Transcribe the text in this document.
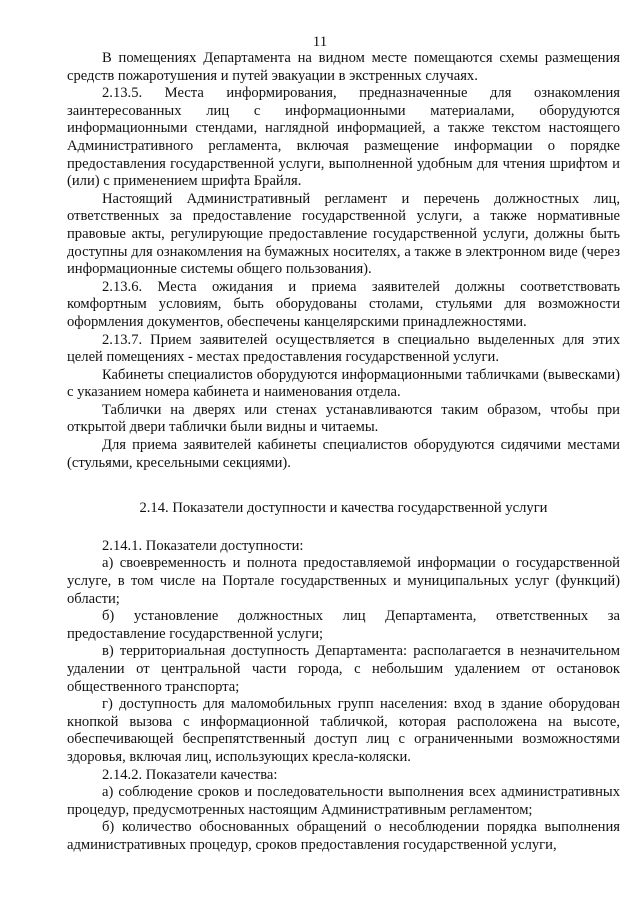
11

В помещениях Департамента на видном месте помещаются схемы размещения средств пожаротушения и путей эвакуации в экстренных случаях.

2.13.5. Места информирования, предназначенные для ознакомления заинтересованных лиц с информационными материалами, оборудуются информационными стендами, наглядной информацией, а также текстом настоящего Административного регламента, включая размещение информации о порядке предоставления государственной услуги, выполненной удобным для чтения шрифтом и (или) с применением шрифта Брайля.

Настоящий Административный регламент и перечень должностных лиц, ответственных за предоставление государственной услуги, а также нормативные правовые акты, регулирующие предоставление государственной услуги, должны быть доступны для ознакомления на бумажных носителях, а также в электронном виде (через информационные системы общего пользования).

2.13.6. Места ожидания и приема заявителей должны соответствовать комфортным условиям, быть оборудованы столами, стульями для возможности оформления документов, обеспечены канцелярскими принадлежностями.

2.13.7. Прием заявителей осуществляется в специально выделенных для этих целей помещениях - местах предоставления государственной услуги.

Кабинеты специалистов оборудуются информационными табличками (вывесками) с указанием номера кабинета и наименования отдела.

Таблички на дверях или стенах устанавливаются таким образом, чтобы при открытой двери таблички были видны и читаемы.

Для приема заявителей кабинеты специалистов оборудуются сидячими местами (стульями, кресельными секциями).

2.14. Показатели доступности и качества государственной услуги

2.14.1. Показатели доступности:

а) своевременность и полнота предоставляемой информации о государственной услуге, в том числе на Портале государственных и муниципальных услуг (функций) области;

б) установление должностных лиц Департамента, ответственных за предоставление государственной услуги;

в) территориальная доступность Департамента: располагается в незначительном удалении от центральной части города, с небольшим удалением от остановок общественного транспорта;

г) доступность для маломобильных групп населения: вход в здание оборудован кнопкой вызова с информационной табличкой, которая расположена на высоте, обеспечивающей беспрепятственный доступ лиц с ограниченными возможностями здоровья, включая лиц, использующих кресла-коляски.

2.14.2. Показатели качества:

а) соблюдение сроков и последовательности выполнения всех административных процедур, предусмотренных настоящим Административным регламентом;

б) количество обоснованных обращений о несоблюдении порядка выполнения административных процедур, сроков предоставления государственной услуги,
